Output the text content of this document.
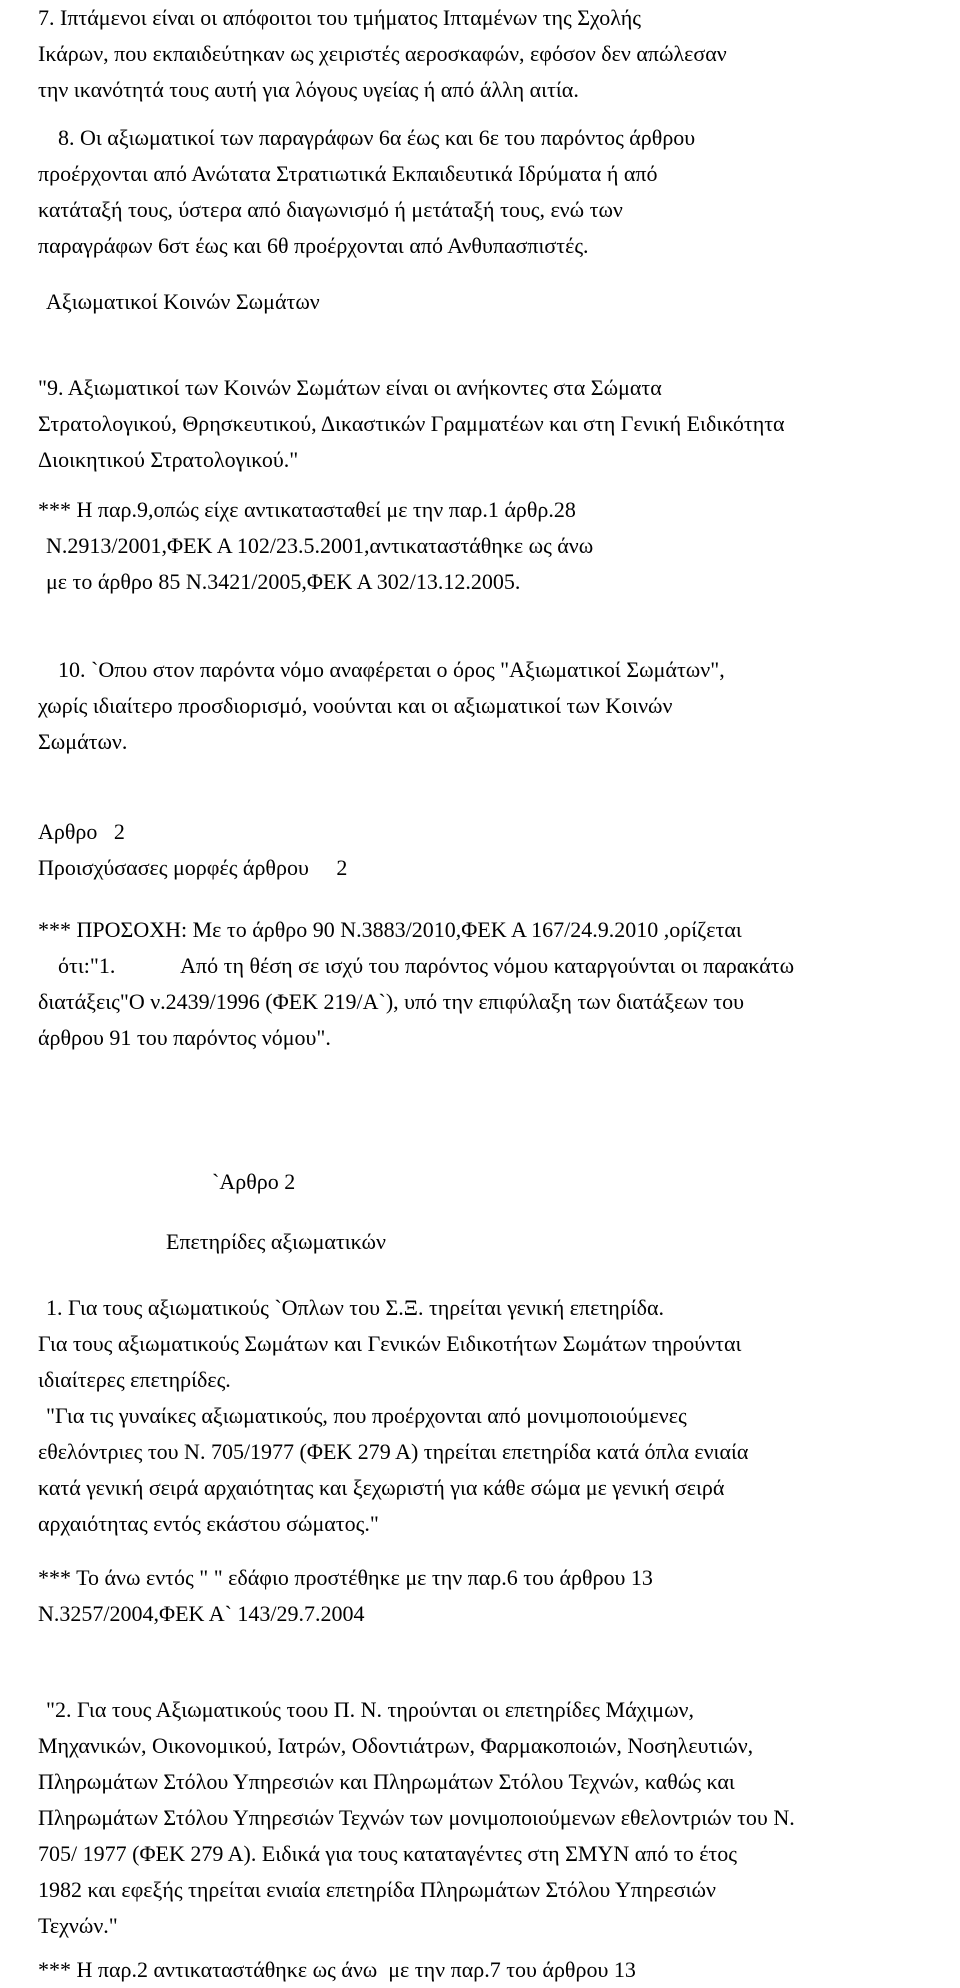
7. Ιπτάμενοι είναι οι απόφοιτοι του τμήματος Ιπταμένων της Σχολής

Ικάρων, που εκπαιδεύτηκαν ως χειριστές αεροσκαφών, εφόσον δεν απώλεσαν

την ικανότητά τους αυτή για λόγους υγείας ή από άλλη αιτία.

8. Οι αξιωματικοί των παραγράφων 6α έως και 6ε του παρόντος άρθρου

προέρχονται από Ανώτατα Στρατιωτικά Εκπαιδευτικά Ιδρύματα ή από

κατάταξή τους, ύστερα από διαγωνισμό ή μετάταξή τους, ενώ των

παραγράφων 6στ έως και 6θ προέρχονται από Ανθυπασπιστές.

Αξιωματικοί Κοινών Σωμάτων

"9. Αξιωματικοί των Κοινών Σωμάτων είναι οι ανήκοντες στα Σώματα

Στρατολογικού, Θρησκευτικού, Δικαστικών Γραμματέων και στη Γενική Ειδικότητα

Διοικητικού Στρατολογικού."

*** Η παρ.9,οπώς είχε αντικατασταθεί με την παρ.1 άρθρ.28

Ν.2913/2001,ΦΕΚ Α 102/23.5.2001,αντικαταστάθηκε ως άνω

με το άρθρο 85 Ν.3421/2005,ΦΕΚ Α 302/13.12.2005.

10. `Οπου στον παρόντα νόμο αναφέρεται ο όρος "Αξιωματικοί Σωμάτων",

χωρίς ιδιαίτερο προσδιορισμό, νοούνται και οι αξιωματικοί των Κοινών

Σωμάτων.

Αρθρο   2

Προισχύσασες μορφές άρθρου     2

*** ΠΡΟΣΟΧΗ: Με το άρθρο 90 Ν.3883/2010,ΦΕΚ Α 167/24.9.2010 ,ορίζεται

ότι:"1.            Από τη θέση σε ισχύ του παρόντος νόμου καταργούνται οι παρακάτω

διατάξεις"Ο ν.2439/1996 (ΦΕΚ 219/Α`), υπό την επιφύλαξη των διατάξεων του

άρθρου 91 του παρόντος νόμου".

`Αρθρο 2

Επετηρίδες αξιωματικών

1. Για τους αξιωματικούς `Οπλων του Σ.Ξ. τηρείται γενική επετηρίδα.

Για τους αξιωματικούς Σωμάτων και Γενικών Ειδικοτήτων Σωμάτων τηρούνται

ιδιαίτερες επετηρίδες.

"Για τις γυναίκες αξιωματικούς, που προέρχονται από μονιμοποιούμενες

εθελόντριες του Ν. 705/1977 (ΦΕΚ 279 Α) τηρείται επετηρίδα κατά όπλα ενιαία

κατά γενική σειρά αρχαιότητας και ξεχωριστή για κάθε σώμα με γενική σειρά

αρχαιότητας εντός εκάστου σώματος."

*** Το άνω εντός " " εδάφιο προστέθηκε με την παρ.6 του άρθρου 13

Ν.3257/2004,ΦΕΚ Α` 143/29.7.2004

"2. Για τους Αξιωματικούς τοου Π. Ν. τηρούνται οι επετηρίδες Μάχιμων,

Μηχανικών, Οικονομικού, Ιατρών, Οδοντιάτρων, Φαρμακοποιών, Νοσηλευτιών,

Πληρωμάτων Στόλου Υπηρεσιών και Πληρωμάτων Στόλου Τεχνών, καθώς και

Πληρωμάτων Στόλου Υπηρεσιών Τεχνών των μονιμοποιούμενων εθελοντριών του Ν.

705/ 1977 (ΦΕΚ 279 Α). Ειδικά για τους καταταγέντες στη ΣΜΥΝ από το έτος

1982 και εφεξής τηρείται ενιαία επετηρίδα Πληρωμάτων Στόλου Υπηρεσιών

Τεχνών."

*** Η παρ.2 αντικαταστάθηκε ως άνω  με την παρ.7 του άρθρου 13
